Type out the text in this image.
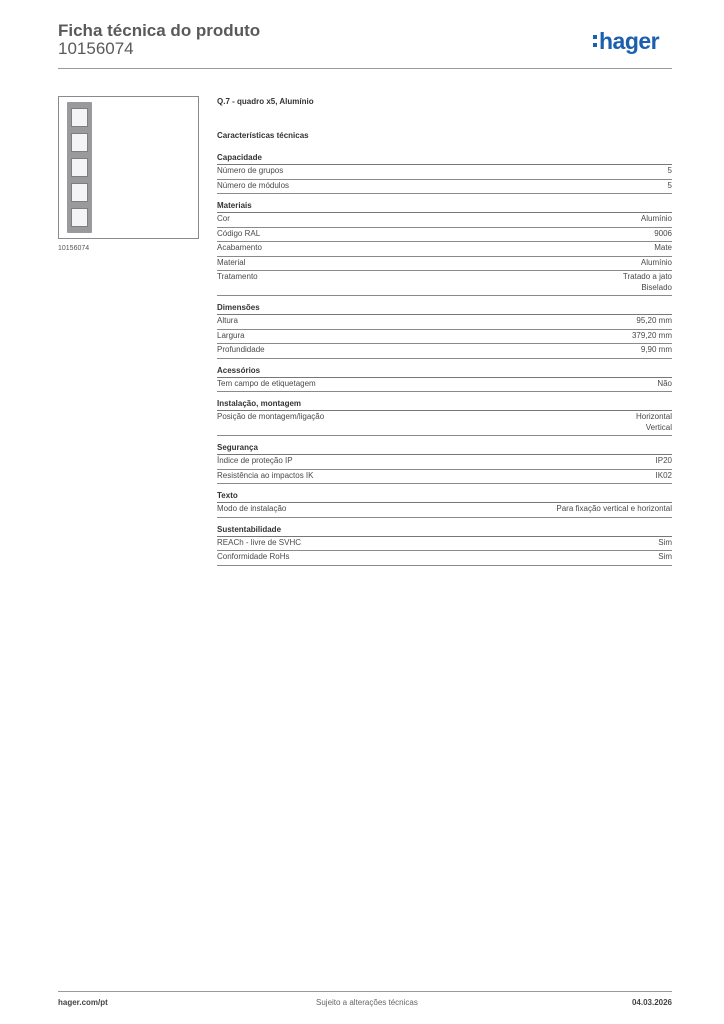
Ficha técnica do produto
10156074	hager
10156074
Q.7 - quadro x5, Alumínio
Características técnicas
Capacidade
Número de grupos	5
Número de módulos	5
Materiais
Cor	Alumínio
Código RAL	9006
Acabamento	Mate
Material	Alumínio
Tratamento	Tratado a jato
Biselado
Dimensões
Altura	95,20 mm
Largura	379,20 mm
Profundidade	9,90 mm
Acessórios
Tem campo de etiquetagem	Não
Instalação, montagem
Posição de montagem/ligação	Horizontal
Vertical
Segurança
Índice de proteção IP	IP20
Resistência ao impactos IK	IK02
Texto
Modo de instalação	Para fixação vertical e horizontal
Sustentabilidade
REACh - livre de SVHC	Sim
Conformidade RoHs	Sim
hager.com/pt	Sujeito a alterações técnicas	04.03.2026
